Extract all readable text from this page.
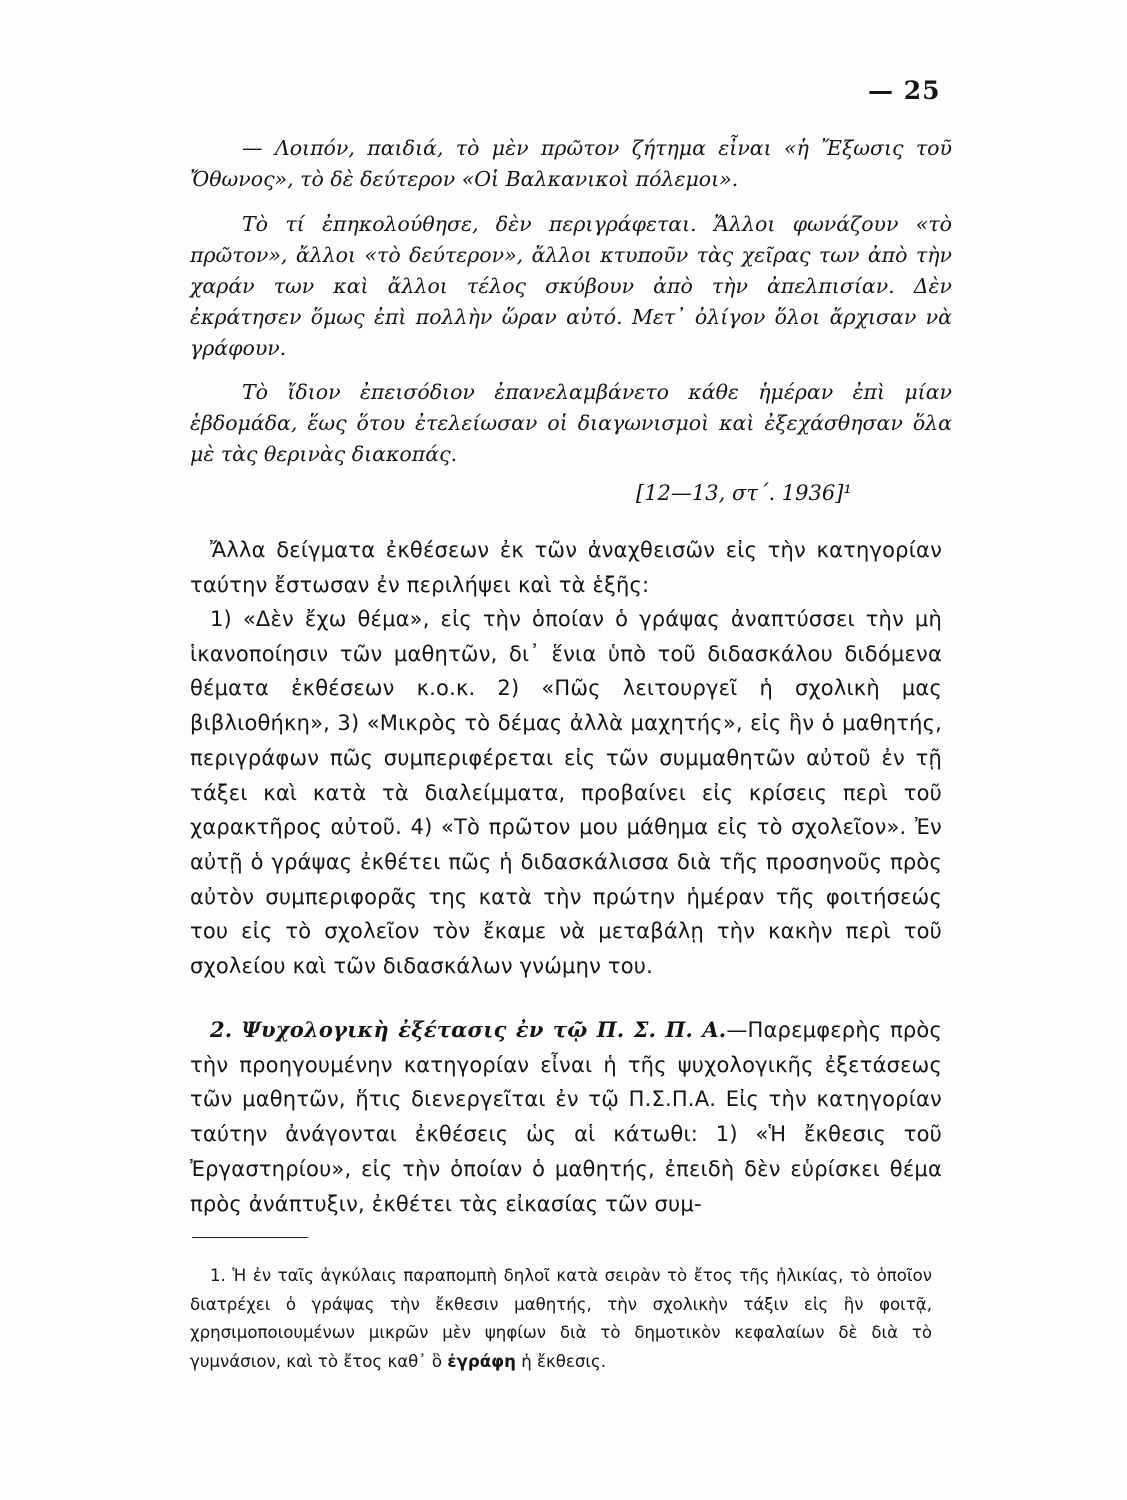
— 25

— Λοιπόν, παιδιά, τὸ μὲν πρῶτον ζήτημα εἶναι «ἡ Ἔξωσις τοῦ Ὄθωνος», τὸ δὲ δεύτερον «Οἱ Βαλκανικοὶ πόλεμοι».

Τὸ τί ἐπηκολούθησε, δὲν περιγράφεται. Ἄλλοι φωνάζουν «τὸ πρῶτον», ἄλλοι «τὸ δεύτερον», ἄλλοι κτυποῦν τὰς χεῖρας των ἀπὸ τὴν χαράν των καὶ ἄλλοι τέλος σκύβουν ἀπὸ τὴν ἀπελπισίαν. Δὲν ἐκράτησεν ὅμως ἐπὶ πολλὴν ὥραν αὐτό. Μετ᾽ ὀλίγον ὅλοι ἄρχισαν νὰ γράφουν.

Τὸ ἴδιον ἐπεισόδιον ἐπανελαμβάνετο κάθε ἡμέραν ἐπὶ μίαν ἑβδομάδα, ἕως ὅτου ἐτελείωσαν οἱ διαγωνισμοὶ καὶ ἐξεχάσθησαν ὅλα μὲ τὰς θερινὰς διακοπάς.

[12—13, στ΄. 1936]¹

Ἄλλα δείγματα ἐκθέσεων ἐκ τῶν ἀναχθεισῶν εἰς τὴν κατηγορίαν ταύτην ἔστωσαν ἐν περιλήψει καὶ τὰ ἑξῆς:

1) «Δὲν ἔχω θέμα», εἰς τὴν ὁποίαν ὁ γράψας ἀναπτύσσει τὴν μὴ ἱκανοποίησιν τῶν μαθητῶν, δι᾽ ἕνια ὑπὸ τοῦ διδασκάλου διδόμενα θέματα ἐκθέσεων κ.ο.κ. 2) «Πῶς λειτουργεῖ ἡ σχολικὴ μας βιβλιοθήκη», 3) «Μικρὸς τὸ δέμας ἀλλὰ μαχητής», εἰς ἣν ὁ μαθητής, περιγράφων πῶς συμπεριφέρεται εἰς τῶν συμμαθητῶν αὐτοῦ ἐν τῇ τάξει καὶ κατὰ τὰ διαλείμματα, προβαίνει εἰς κρίσεις περὶ τοῦ χαρακτῆρος αὐτοῦ. 4) «Τὸ πρῶτον μου μάθημα εἰς τὸ σχολεῖον». Ἐν αὐτῇ ὁ γράψας ἐκθέτει πῶς ἡ διδασκάλισσα διὰ τῆς προσηνοῦς πρὸς αὐτὸν συμπεριφορᾶς της κατὰ τὴν πρώτην ἡμέραν τῆς φοιτήσεώς του εἰς τὸ σχολεῖον τὸν ἔκαμε νὰ μεταβάλῃ τὴν κακὴν περὶ τοῦ σχολείου καὶ τῶν διδασκάλων γνώμην του.

2. Ψυχολογικὴ ἐξέτασις ἐν τῷ Π. Σ. Π. Α.—Παρεμφερὴς πρὸς τὴν προηγουμένην κατηγορίαν εἶναι ἡ τῆς ψυχολογικῆς ἐξετάσεως τῶν μαθητῶν, ἥτις διενεργεῖται ἐν τῷ Π.Σ.Π.Α. Εἰς τὴν κατηγορίαν ταύτην ἀνάγονται ἐκθέσεις ὡς αἱ κάτωθι: 1) «Ἡ ἔκθεσις τοῦ Ἐργαστηρίου», εἰς τὴν ὁποίαν ὁ μαθητής, ἐπειδὴ δὲν εὑρίσκει θέμα πρὸς ἀνάπτυξιν, ἐκθέτει τὰς εἰκασίας τῶν συμ-

1. Ἡ ἐν ταῖς ἀγκύλαις παραπομπὴ δηλοῖ κατὰ σειρὰν τὸ ἔτος τῆς ἡλικίας, τὸ ὁποῖον διατρέχει ὁ γράψας τὴν ἔκθεσιν μαθητής, τὴν σχολικὴν τάξιν εἰς ἣν φοιτᾷ, χρησιμοποιουμένων μικρῶν μὲν ψηφίων διὰ τὸ δημοτικὸν κεφαλαίων δὲ διὰ τὸ γυμνάσιον, καὶ τὸ ἔτος καθ᾽ ὃ ἐγράφη ἡ ἔκθεσις.
